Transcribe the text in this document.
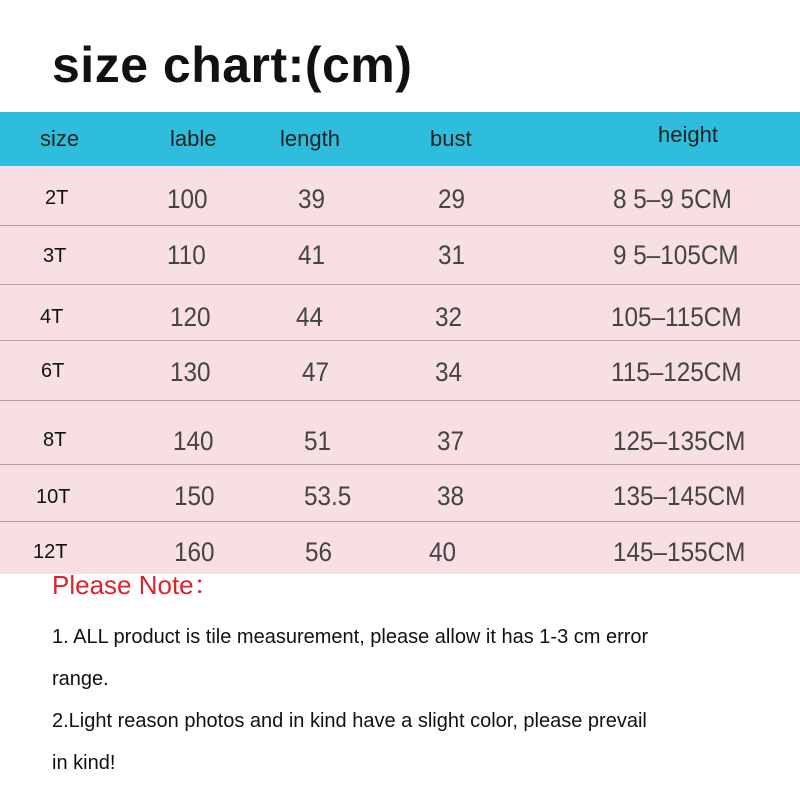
size chart:(cm)
size	lable	length	bust	height
2T	100	39	29	8 5–9 5CM
3T	110	41	31	9 5–105CM
4T	120	44	32	105–115CM
6T	130	47	34	115–125CM
8T	140	51	37	125–135CM
10T	150	53.5	38	135–145CM
12T	160	56	40	145–155CM
Please Note：
1. ALL product is tile measurement, please allow it has 1-3 cm error
range.
2.Light reason photos and in kind have a slight color, please prevail
in kind!
